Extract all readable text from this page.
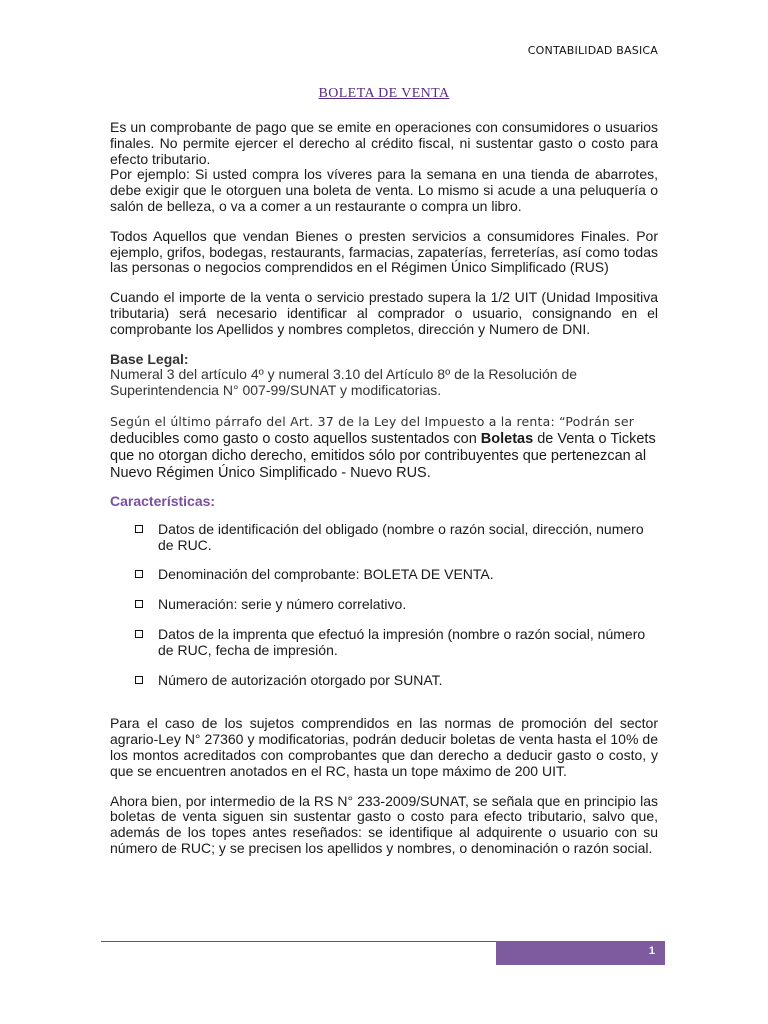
CONTABILIDAD BASICA
BOLETA DE VENTA

Es un comprobante de pago que se emite en operaciones con consumidores o usuarios finales. No permite ejercer el derecho al crédito fiscal, ni sustentar gasto o costo para efecto tributario.

Por ejemplo: Si usted compra los víveres para la semana en una tienda de abarrotes, debe exigir que le otorguen una boleta de venta. Lo mismo si acude a una peluquería o salón de belleza, o va a comer a un restaurante o compra un libro.

Todos Aquellos que vendan Bienes o presten servicios a consumidores Finales. Por ejemplo, grifos, bodegas, restaurants, farmacias, zapaterías, ferreterías, así como todas las personas o negocios comprendidos en el Régimen Único Simplificado (RUS)

Cuando el importe de la venta o servicio prestado supera la 1/2 UIT (Unidad Impositiva tributaria) será necesario identificar al comprador o usuario, consignando en el comprobante los Apellidos y nombres completos, dirección y Numero de DNI.

Base Legal:

Numeral 3 del artículo 4º y numeral 3.10 del Artículo 8º de la Resolución de Superintendencia N° 007-99/SUNAT y modificatorias.

Según el último párrafo del Art. 37 de la Ley del Impuesto a la renta: “Podrán ser
deducibles como gasto o costo aquellos sustentados con Boletas de Venta o Tickets que no otorgan dicho derecho, emitidos sólo por contribuyentes que pertenezcan al Nuevo Régimen Único Simplificado - Nuevo RUS.

Características:

Datos de identificación del obligado (nombre o razón social, dirección, numero de RUC.
Denominación del comprobante: BOLETA DE VENTA.
Numeración: serie y número correlativo.
Datos de la imprenta que efectuó la impresión (nombre o razón social, número de RUC, fecha de impresión.
Número de autorización otorgado por SUNAT.

Para el caso de los sujetos comprendidos en las normas de promoción del sector agrario-Ley N° 27360 y modificatorias, podrán deducir boletas de venta hasta el 10% de los montos acreditados con comprobantes que dan derecho a deducir gasto o costo, y que se encuentren anotados en el RC, hasta un tope máximo de 200 UIT.

Ahora bien, por intermedio de la RS N° 233-2009/SUNAT, se señala que en principio las boletas de venta siguen sin sustentar gasto o costo para efecto tributario, salvo que, además de los topes antes reseñados: se identifique al adquirente o usuario con su número de RUC; y se precisen los apellidos y nombres, o denominación o razón social.

1
